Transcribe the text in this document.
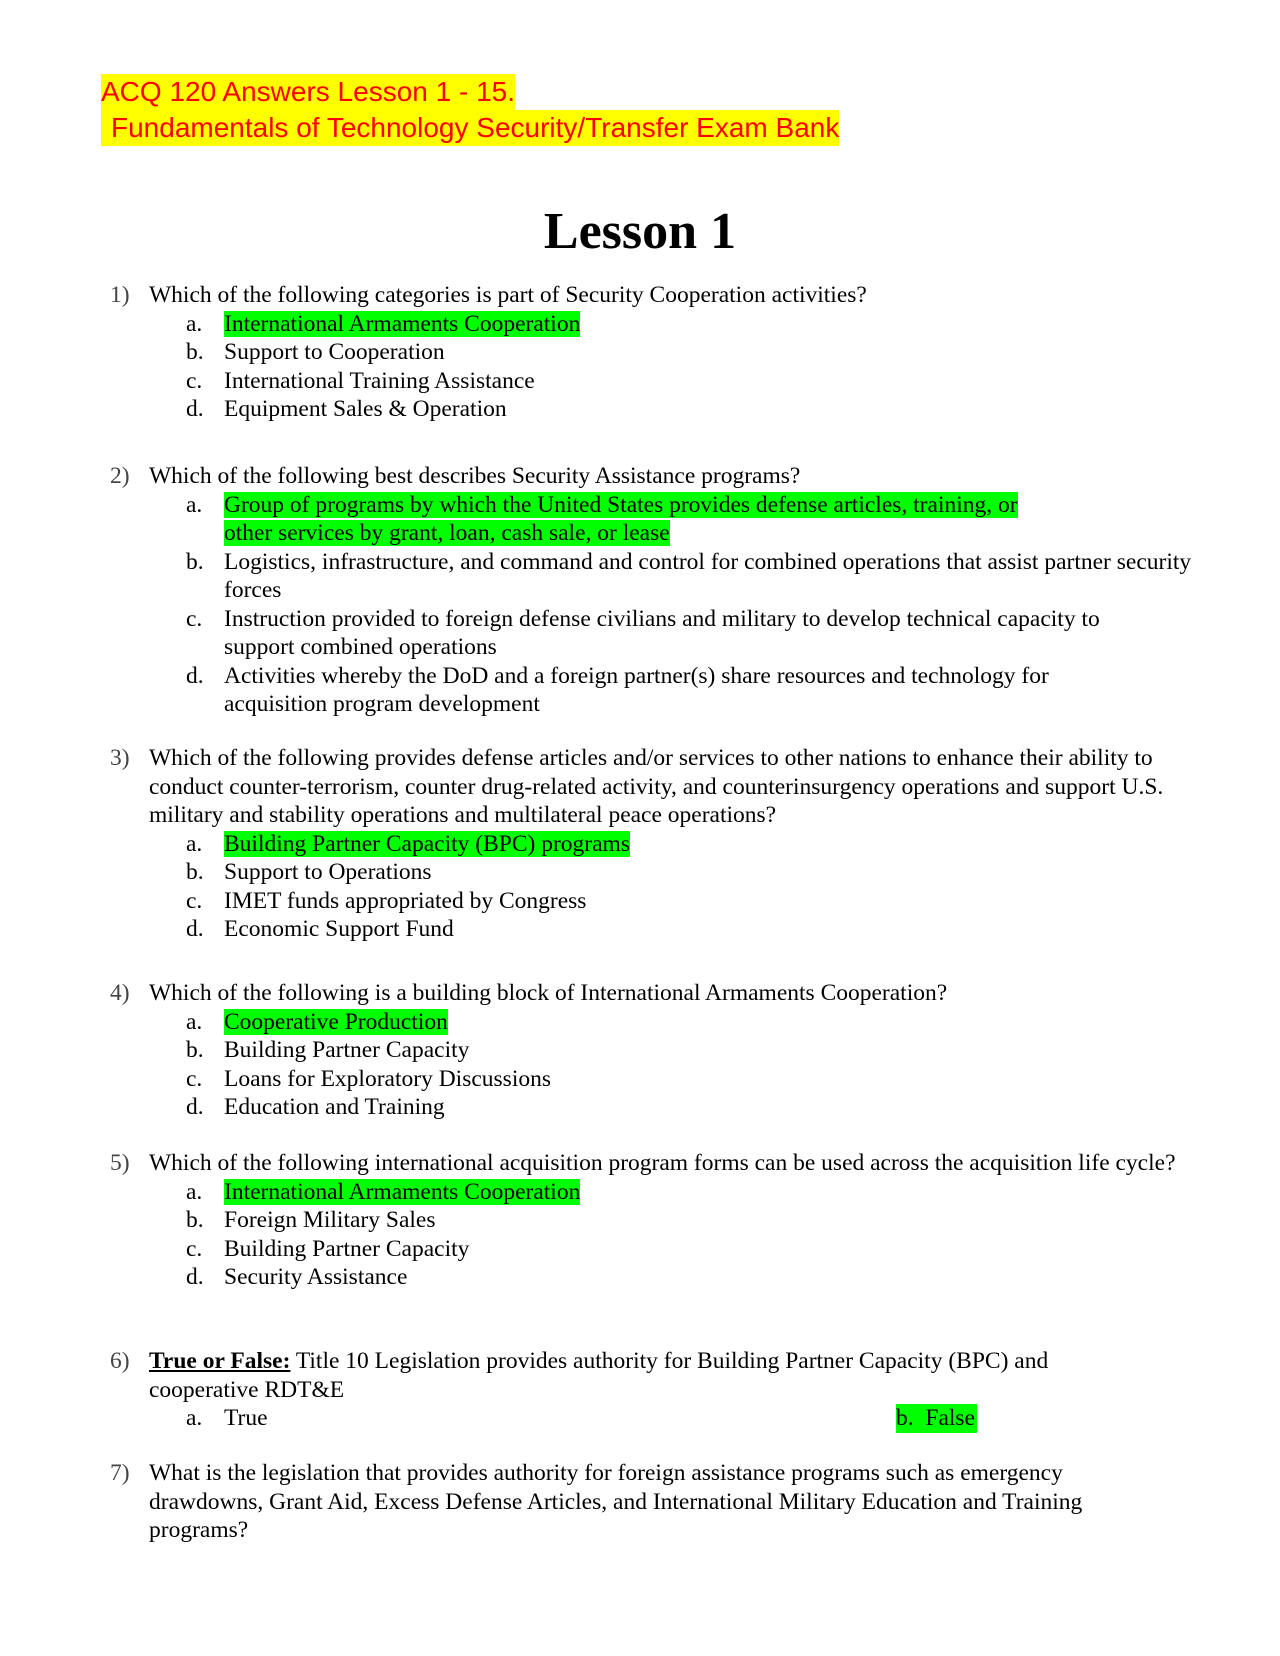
ACQ 120 Answers Lesson 1 - 15.
Fundamentals of Technology Security/Transfer Exam Bank
Lesson 1
1) Which of the following categories is part of Security Cooperation activities?
a. International Armaments Cooperation
b. Support to Cooperation
c. International Training Assistance
d. Equipment Sales & Operation
2) Which of the following best describes Security Assistance programs?
a. Group of programs by which the United States provides defense articles, training, or
other services by grant, loan, cash sale, or lease
b. Logistics, infrastructure, and command and control for combined operations that assist partner security forces
c. Instruction provided to foreign defense civilians and military to develop technical capacity to support combined operations
d. Activities whereby the DoD and a foreign partner(s) share resources and technology for acquisition program development
3) Which of the following provides defense articles and/or services to other nations to enhance their ability to conduct counter-terrorism, counter drug-related activity, and counterinsurgency operations and support U.S. military and stability operations and multilateral peace operations?
a. Building Partner Capacity (BPC) programs
b. Support to Operations
c. IMET funds appropriated by Congress
d. Economic Support Fund
4) Which of the following is a building block of International Armaments Cooperation?
a. Cooperative Production
b. Building Partner Capacity
c. Loans for Exploratory Discussions
d. Education and Training
5) Which of the following international acquisition program forms can be used across the acquisition life cycle?
a. International Armaments Cooperation
b. Foreign Military Sales
c. Building Partner Capacity
d. Security Assistance
6) True or False: Title 10 Legislation provides authority for Building Partner Capacity (BPC) and cooperative RDT&E
a. True	b. False
7) What is the legislation that provides authority for foreign assistance programs such as emergency drawdowns, Grant Aid, Excess Defense Articles, and International Military Education and Training programs?
